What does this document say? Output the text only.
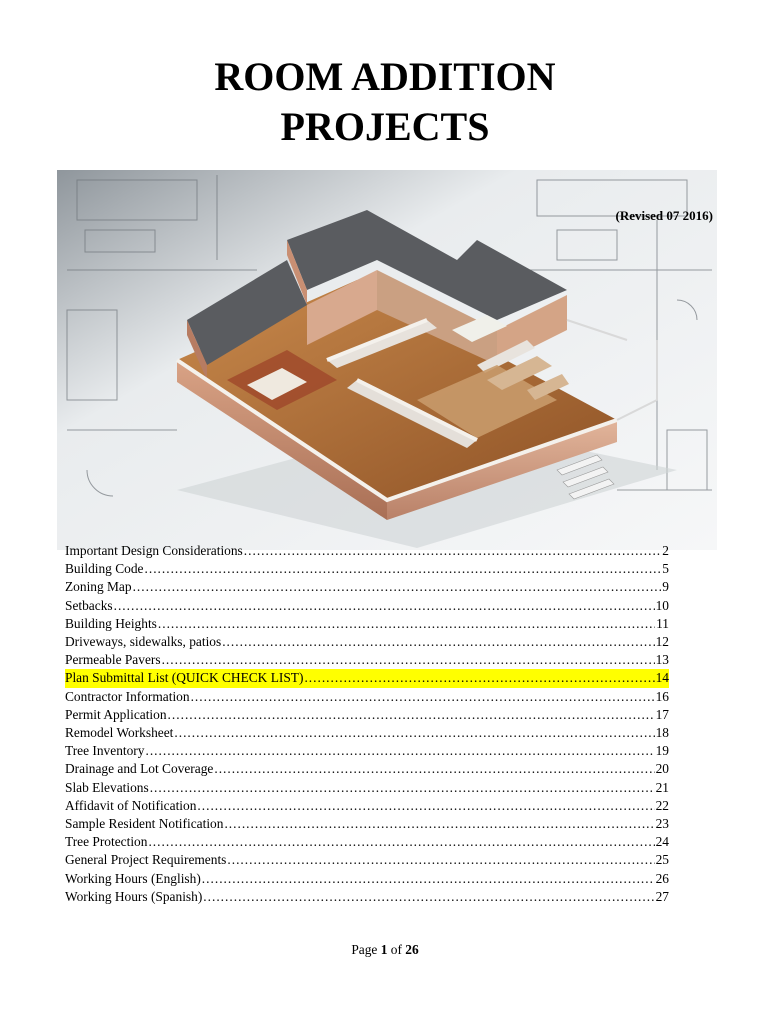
ROOM ADDITION
PROJECTS
(Revised 07 2016)
Important Design Considerations .....	2
Building Code .....	5
Zoning Map .....	9
Setbacks .....	10
Building Heights .....	11
Driveways, sidewalks, patios .....	12
Permeable Pavers .....	13
Plan Submittal List (QUICK CHECK LIST) .....	14
Contractor Information .....	16
Permit Application .....	17
Remodel Worksheet .....	18
Tree Inventory .....	19
Drainage and Lot Coverage .....	20
Slab Elevations .....	21
Affidavit of Notification .....	22
Sample Resident Notification .....	23
Tree Protection .....	24
General Project Requirements .....	25
Working Hours (English) .....	26
Working Hours (Spanish) .....	27
Page 1 of 26
